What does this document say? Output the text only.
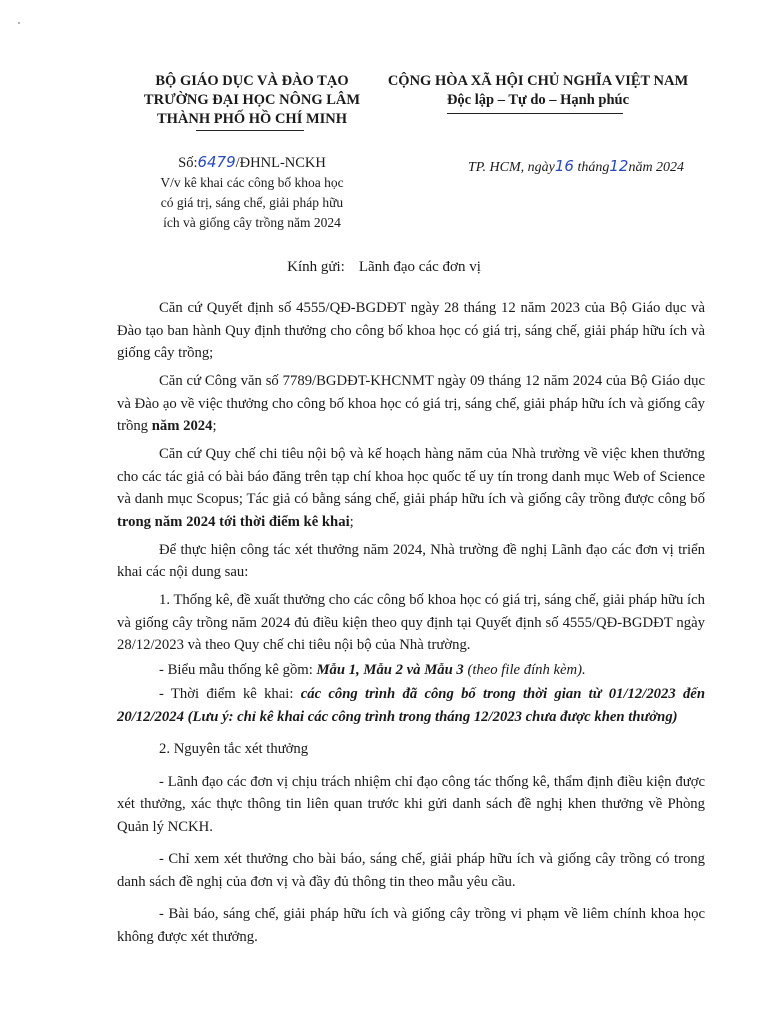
BỘ GIÁO DỤC VÀ ĐÀO TẠO
TRƯỜNG ĐẠI HỌC NÔNG LÂM
THÀNH PHỐ HỒ CHÍ MINH
CỘNG HÒA XÃ HỘI CHỦ NGHĨA VIỆT NAM
Độc lập – Tự do – Hạnh phúc
Số:6479/ĐHNL-NCKH
V/v kê khai các công bố khoa học
có giá trị, sáng chế, giải pháp hữu
ích và giống cây trồng năm 2024
TP. HCM, ngày16 tháng12năm 2024
Kính gửi: Lãnh đạo các đơn vị

Căn cứ Quyết định số 4555/QĐ-BGDĐT ngày 28 tháng 12 năm 2023 của Bộ Giáo dục và Đào tạo ban hành Quy định thưởng cho công bố khoa học có giá trị, sáng chế, giải pháp hữu ích và giống cây trồng;

Căn cứ Công văn số 7789/BGDĐT-KHCNMT ngày 09 tháng 12 năm 2024 của Bộ Giáo dục và Đào ạo về việc thưởng cho công bố khoa học có giá trị, sáng chế, giải pháp hữu ích và giống cây trồng năm 2024;

Căn cứ Quy chế chi tiêu nội bộ và kế hoạch hàng năm của Nhà trường về việc khen thưởng cho các tác giả có bài báo đăng trên tạp chí khoa học quốc tế uy tín trong danh mục Web of Science và danh mục Scopus; Tác giả có bằng sáng chế, giải pháp hữu ích và giống cây trồng được công bố trong năm 2024 tới thời điểm kê khai;

Để thực hiện công tác xét thưởng năm 2024, Nhà trường đề nghị Lãnh đạo các đơn vị triển khai các nội dung sau:

1. Thống kê, đề xuất thưởng cho các công bố khoa học có giá trị, sáng chế, giải pháp hữu ích và giống cây trồng năm 2024 đủ điều kiện theo quy định tại Quyết định số 4555/QĐ-BGDĐT ngày 28/12/2023 và theo Quy chế chi tiêu nội bộ của Nhà trường.

- Biểu mẫu thống kê gồm: Mẫu 1, Mẫu 2 và Mẫu 3 (theo file đính kèm).

- Thời điểm kê khai: các công trình đã công bố trong thời gian từ 01/12/2023 đến 20/12/2024 (Lưu ý: chỉ kê khai các công trình trong tháng 12/2023 chưa được khen thưởng)

2. Nguyên tắc xét thưởng

- Lãnh đạo các đơn vị chịu trách nhiệm chỉ đạo công tác thống kê, thẩm định điều kiện được xét thưởng, xác thực thông tin liên quan trước khi gửi danh sách đề nghị khen thưởng về Phòng Quản lý NCKH.

- Chỉ xem xét thưởng cho bài báo, sáng chế, giải pháp hữu ích và giống cây trồng có trong danh sách đề nghị của đơn vị và đầy đủ thông tin theo mẫu yêu cầu.

- Bài báo, sáng chế, giải pháp hữu ích và giống cây trồng vi phạm về liêm chính khoa học không được xét thưởng.
